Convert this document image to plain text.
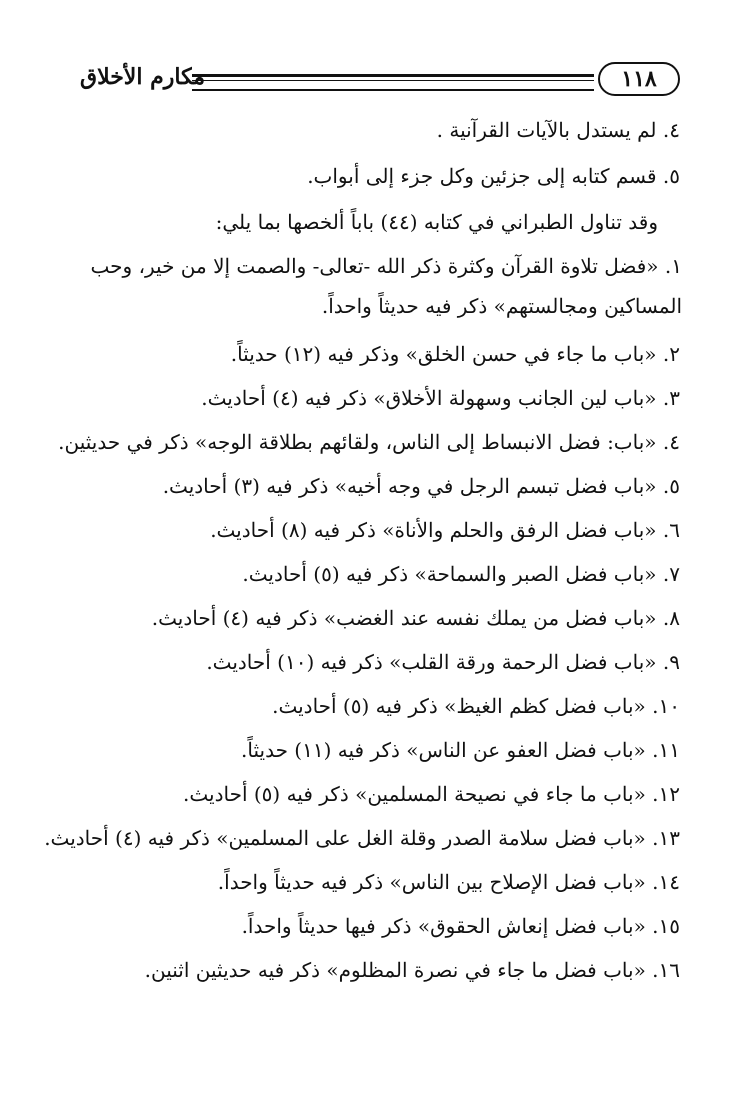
مكارم الأخلاق	١١٨
٤. لم يستدل بالآيات القرآنية .
٥. قسم كتابه إلى جزئين وكل جزء إلى أبواب.
وقد تناول الطبراني في كتابه (٤٤) باباً ألخصها بما يلي:
١. «فضل تلاوة القرآن وكثرة ذكر الله -تعالى- والصمت إلا من خير، وحب المساكين ومجالستهم» ذكر فيه حديثاً واحداً.
٢. «باب ما جاء في حسن الخلق» وذكر فيه (١٢) حديثاً.
٣. «باب لين الجانب وسهولة الأخلاق» ذكر فيه (٤) أحاديث.
٤. «باب: فضل الانبساط إلى الناس، ولقائهم بطلاقة الوجه» ذكر في حديثين.
٥. «باب فضل تبسم الرجل في وجه أخيه» ذكر فيه (٣) أحاديث.
٦. «باب فضل الرفق والحلم والأناة» ذكر فيه (٨) أحاديث.
٧. «باب فضل الصبر والسماحة» ذكر فيه (٥) أحاديث.
٨. «باب فضل من يملك نفسه عند الغضب» ذكر فيه (٤) أحاديث.
٩. «باب فضل الرحمة ورقة القلب» ذكر فيه (١٠) أحاديث.
١٠. «باب فضل كظم الغيظ» ذكر فيه (٥) أحاديث.
١١. «باب فضل العفو عن الناس» ذكر فيه (١١) حديثاً.
١٢. «باب ما جاء في نصيحة المسلمين» ذكر فيه (٥) أحاديث.
١٣. «باب فضل سلامة الصدر وقلة الغل على المسلمين» ذكر فيه (٤) أحاديث.
١٤. «باب فضل الإصلاح بين الناس» ذكر فيه حديثاً واحداً.
١٥. «باب فضل إنعاش الحقوق» ذكر فيها حديثاً واحداً.
١٦. «باب فضل ما جاء في نصرة المظلوم» ذكر فيه حديثين اثنين.
